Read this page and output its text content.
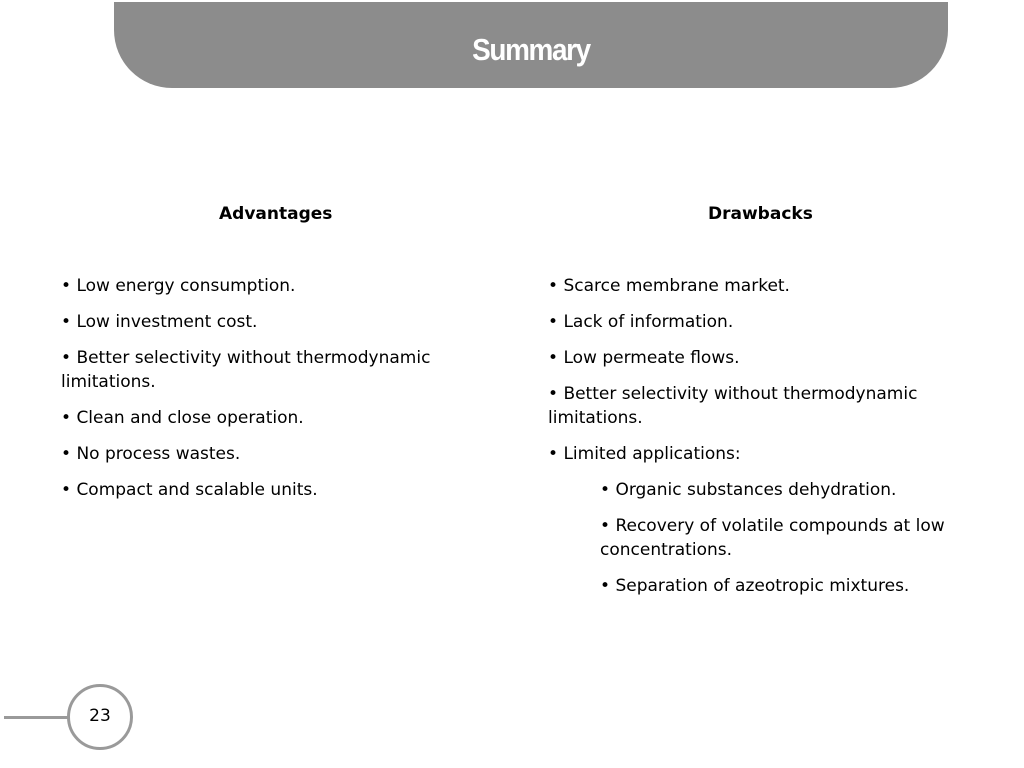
Summary
Advantages
• Low energy consumption.
• Low investment cost.
• Better selectivity without thermodynamic limitations.
• Clean and close operation.
• No process wastes.
• Compact and scalable units.
Drawbacks
• Scarce membrane market.
• Lack of information.
• Low permeate flows.
• Better selectivity without thermodynamic limitations.
• Limited applications:
• Organic substances dehydration.
• Recovery of volatile compounds at low concentrations.
• Separation of azeotropic mixtures.
23
